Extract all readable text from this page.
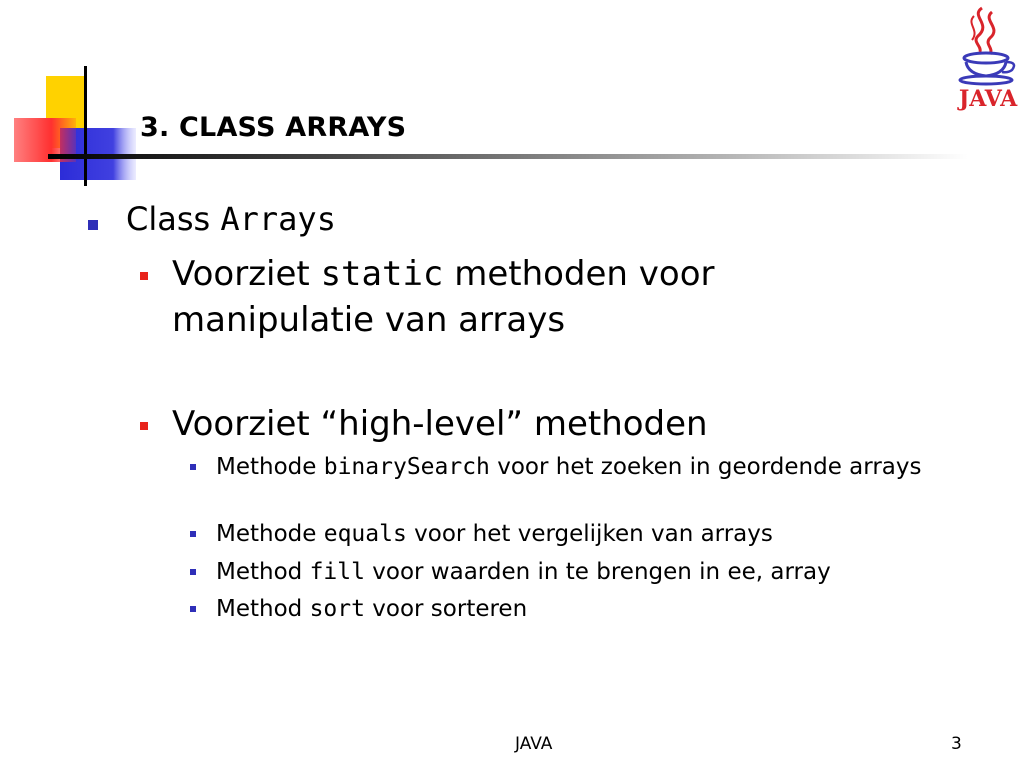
3. CLASS ARRAYS
JAVA
Class Arrays
Voorziet static methoden voor manipulatie van arrays
Voorziet “high-level” methoden
Methode binarySearch voor het zoeken in geordende arrays
Methode equals voor het vergelijken van arrays
Method fill voor waarden in te brengen in ee, array
Method sort voor sorteren
JAVA	3
